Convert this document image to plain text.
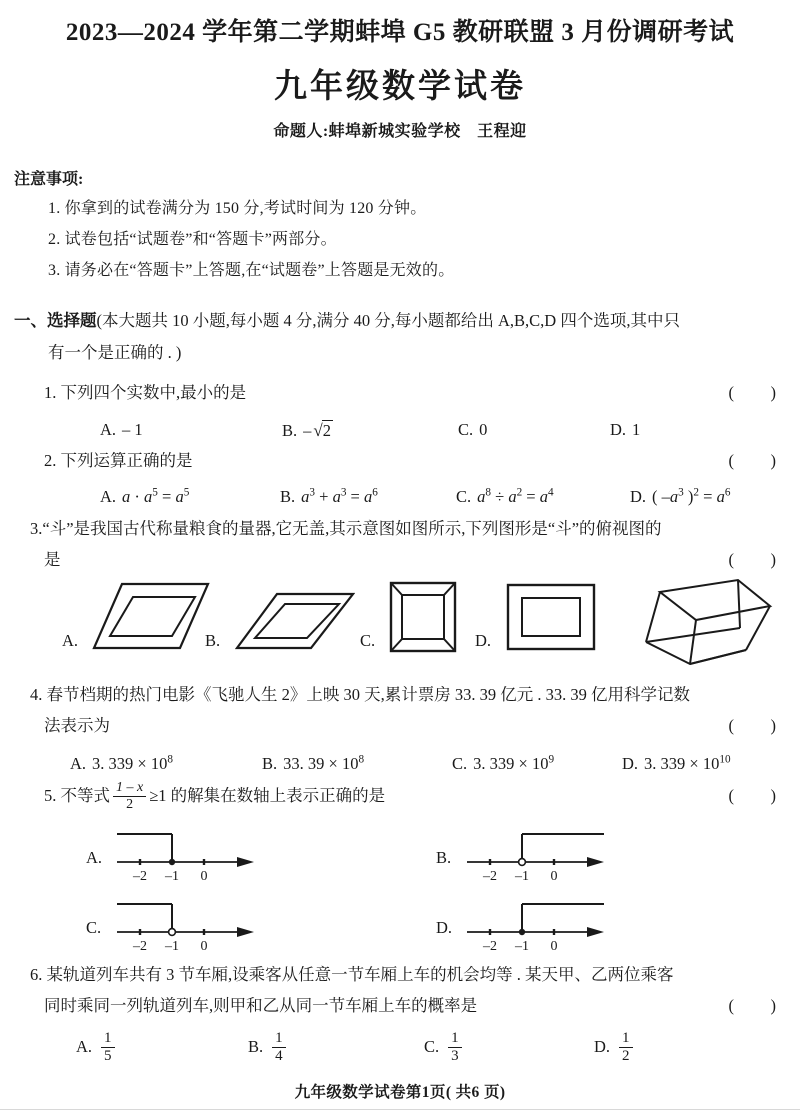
2023—2024 学年第二学期蚌埠 G5 教研联盟 3 月份调研考试
九年级数学试卷
命题人:蚌埠新城实验学校　王程迎
注意事项:
1. 你拿到的试卷满分为 150 分,考试时间为 120 分钟。
2. 试卷包括“试题卷”和“答题卡”两部分。
3. 请务必在“答题卡”上答题,在“试题卷”上答题是无效的。
一、选择题(本大题共 10 小题,每小题 4 分,满分 40 分,每小题都给出 A,B,C,D 四个选项,其中只
有一个是正确的 . )
1. 下列四个实数中,最小的是	(　)
A. – 1	B. – √2	C. 0	D. 1
2. 下列运算正确的是	(　)
A. $a \cdot a^5 = a^5$	B. $a^3 + a^3 = a^6$	C. $a^8 \div a^2 = a^4$	D. ( $-a^3$ )$^2 = a^6$
3.“斗”是我国古代称量粮食的量器,它无盖,其示意图如图所示,下列图形是“斗”的俯视图的
是	(　)
A.	B.	C.	D.
4. 春节档期的热门电影《飞驰人生 2》上映 30 天,累计票房 33. 39 亿元 . 33. 39 亿用科学记数
法表示为	(　)
A. 3. $339 \times 10^8$	B. 33. $39 \times 10^8$	C. 3. $339 \times 10^9$	D. 3. $339 \times 10^{10}$
5. 不等式 $\frac{1 - x}{2} \ge 1$ 的解集在数轴上表示正确的是	(　)
A.
–2 –1 0
B.
–2 –1 0
C.
–2 –1 0
D.
–2 –1 0
6. 某轨道列车共有 3 节车厢,设乘客从任意一节车厢上车的机会均等 . 某天甲、乙两位乘客
同时乘同一列轨道列车,则甲和乙从同一节车厢上车的概率是	(　)
A. $\frac{1}{5}$	B. $\frac{1}{4}$	C. $\frac{1}{3}$	D. $\frac{1}{2}$
九年级数学试卷第1页( 共6 页)
